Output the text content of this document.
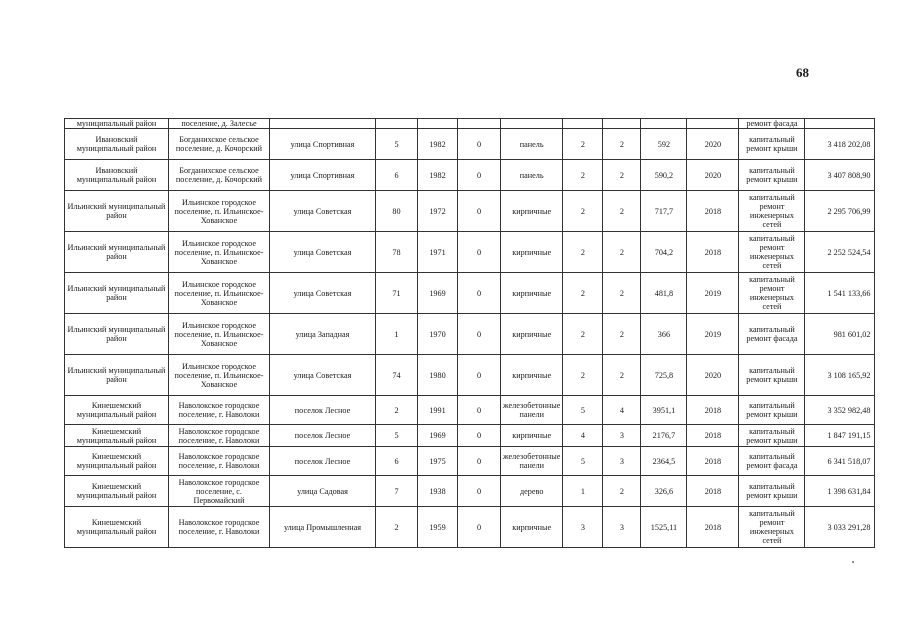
68
муниципальный район	поселение, д. Залесье										ремонт фасада	
Ивановский муниципальный район	Богданихское сельское поселение, д. Кочорский	улица Спортивная	5	1982	0	панель	2	2	592	2020	капитальный ремонт крыши	3 418 202,08
Ивановский муниципальный район	Богданихское сельское поселение, д. Кочорский	улица Спортивная	6	1982	0	панель	2	2	590,2	2020	капитальный ремонт крыши	3 407 808,90
Ильинский муниципальный район	Ильинское городское поселение, п. Ильинское-Хованское	улица Советская	80	1972	0	кирпичные	2	2	717,7	2018	капитальный ремонт инженерных сетей	2 295 706,99
Ильинский муниципальный район	Ильинское городское поселение, п. Ильинское-Хованское	улица Советская	78	1971	0	кирпичные	2	2	704,2	2018	капитальный ремонт инженерных сетей	2 252 524,54
Ильинский муниципальный район	Ильинское городское поселение, п. Ильинское-Хованское	улица Советская	71	1969	0	кирпичные	2	2	481,8	2019	капитальный ремонт инженерных сетей	1 541 133,66
Ильинский муниципальный район	Ильинское городское поселение, п. Ильинское-Хованское	улица Западная	1	1970	0	кирпичные	2	2	366	2019	капитальный ремонт фасада	981 601,02
Ильинский муниципальный район	Ильинское городское поселение, п. Ильинское-Хованское	улица Советская	74	1980	0	кирпичные	2	2	725,8	2020	капитальный ремонт крыши	3 108 165,92
Кинешемский муниципальный район	Наволокское городское поселение, г. Наволоки	поселок Лесное	2	1991	0	железобетонные панели	5	4	3951,1	2018	капитальный ремонт крыши	3 352 982,48
Кинешемский муниципальный район	Наволокское городское поселение, г. Наволоки	поселок Лесное	5	1969	0	кирпичные	4	3	2176,7	2018	капитальный ремонт крыши	1 847 191,15
Кинешемский муниципальный район	Наволокское городское поселение, г. Наволоки	поселок Лесное	6	1975	0	железобетонные панели	5	3	2364,5	2018	капитальный ремонт фасада	6 341 518,07
Кинешемский муниципальный район	Наволокское городское поселение, с. Первомайский	улица Садовая	7	1938	0	дерево	1	2	326,6	2018	капитальный ремонт крыши	1 398 631,84
Кинешемский муниципальный район	Наволокское городское поселение, г. Наволоки	улица Промышленная	2	1959	0	кирпичные	3	3	1525,11	2018	капитальный ремонт инженерных сетей	3 033 291,28
